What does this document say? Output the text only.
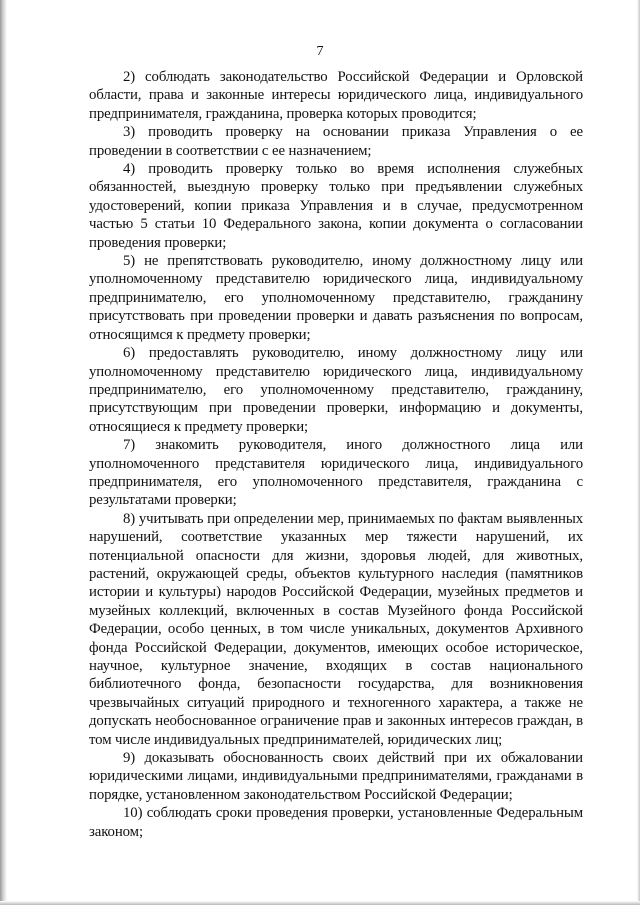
7

2) соблюдать законодательство Российской Федерации и Орловской области, права и законные интересы юридического лица, индивидуального предпринимателя, гражданина, проверка которых проводится;

3) проводить проверку на основании приказа Управления о ее проведении в соответствии с ее назначением;

4) проводить проверку только во время исполнения служебных обязанностей, выездную проверку только при предъявлении служебных удостоверений, копии приказа Управления и в случае, предусмотренном частью 5 статьи 10 Федерального закона, копии документа о согласовании проведения проверки;

5) не препятствовать руководителю, иному должностному лицу или уполномоченному представителю юридического лица, индивидуальному предпринимателю, его уполномоченному представителю, гражданину присутствовать при проведении проверки и давать разъяснения по вопросам, относящимся к предмету проверки;

6) предоставлять руководителю, иному должностному лицу или уполномоченному представителю юридического лица, индивидуальному предпринимателю, его уполномоченному представителю, гражданину, присутствующим при проведении проверки, информацию и документы, относящиеся к предмету проверки;

7) знакомить руководителя, иного должностного лица или уполномоченного представителя юридического лица, индивидуального предпринимателя, его уполномоченного представителя, гражданина с результатами проверки;

8) учитывать при определении мер, принимаемых по фактам выявленных нарушений, соответствие указанных мер тяжести нарушений, их потенциальной опасности для жизни, здоровья людей, для животных, растений, окружающей среды, объектов культурного наследия (памятников истории и культуры) народов Российской Федерации, музейных предметов и музейных коллекций, включенных в состав Музейного фонда Российской Федерации, особо ценных, в том числе уникальных, документов Архивного фонда Российской Федерации, документов, имеющих особое историческое, научное, культурное значение, входящих в состав национального библиотечного фонда, безопасности государства, для возникновения чрезвычайных ситуаций природного и техногенного характера, а также не допускать необоснованное ограничение прав и законных интересов граждан, в том числе индивидуальных предпринимателей, юридических лиц;

9) доказывать обоснованность своих действий при их обжаловании юридическими лицами, индивидуальными предпринимателями, гражданами в порядке, установленном законодательством Российской Федерации;

10) соблюдать сроки проведения проверки, установленные Федеральным законом;
